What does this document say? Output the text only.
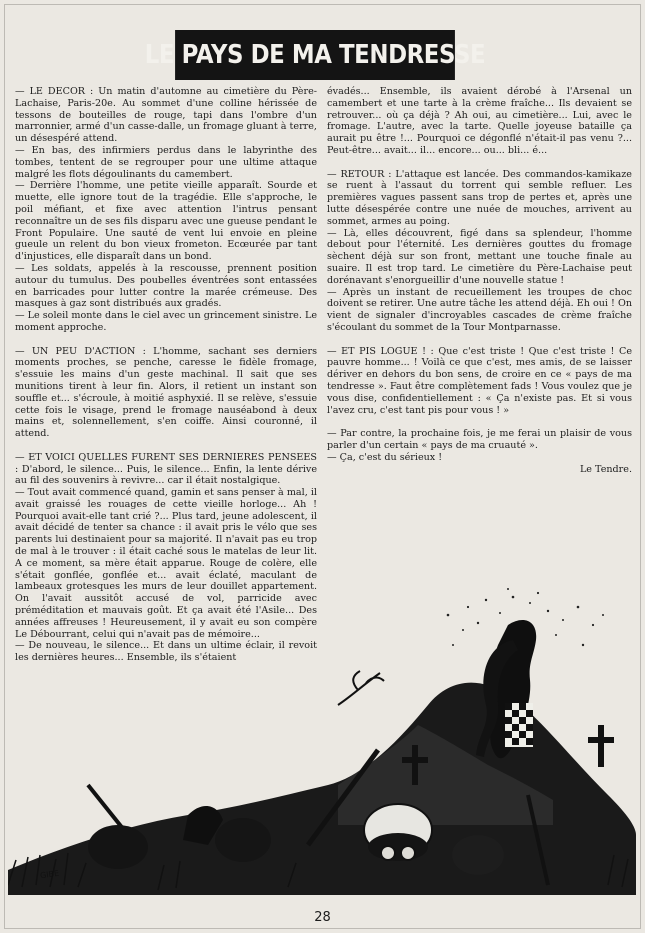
LE PAYS DE MA TENDRESSE

— LE DECOR : Un matin d'automne au cimetière du Père-Lachaise, Paris-20e. Au sommet d'une colline hérissée de tessons de bouteilles de rouge, tapi dans l'ombre d'un marronnier, armé d'un casse-dalle, un fromage gluant à terre, un désespéré attend.

— En bas, des infirmiers perdus dans le labyrinthe des tombes, tentent de se regrouper pour une ultime attaque malgré les flots dégoulinants du camembert.

— Derrière l'homme, une petite vieille apparaît. Sourde et muette, elle ignore tout de la tragédie. Elle s'approche, le poil méfiant, et fixe avec attention l'intrus pensant reconnaître un de ses fils disparu avec une gueuse pendant le Front Populaire. Une sauté de vent lui envoie en pleine gueule un relent du bon vieux frometon. Ecœurée par tant d'injustices, elle disparaît dans un bond.

— Les soldats, appelés à la rescousse, prennent position autour du tumulus. Des poubelles éventrées sont entassées en barricades pour lutter contre la marée crémeuse. Des masques à gaz sont distribués aux gradés.

— Le soleil monte dans le ciel avec un grincement sinistre. Le moment approche.

— UN PEU D'ACTION : L'homme, sachant ses derniers moments proches, se penche, caresse le fidèle fromage, s'essuie les mains d'un geste machinal. Il sait que ses munitions tirent à leur fin. Alors, il retient un instant son souffle et... s'écroule, à moitié asphyxié. Il se relève, s'essuie cette fois le visage, prend le fromage nauséabond à deux mains et, solennellement, s'en coiffe. Ainsi couronné, il attend.

— ET VOICI QUELLES FURENT SES DERNIERES PENSEES : D'abord, le silence... Puis, le silence... Enfin, la lente dérive au fil des souvenirs à revivre... car il était nostalgique.

— Tout avait commencé quand, gamin et sans penser à mal, il avait graissé les rouages de cette vieille horloge... Ah ! Pourquoi avait-elle tant crié ?... Plus tard, jeune adolescent, il avait décidé de tenter sa chance : il avait pris le vélo que ses parents lui destinaient pour sa majorité. Il n'avait pas eu trop de mal à le trouver : il était caché sous le matelas de leur lit. A ce moment, sa mère était apparue. Rouge de colère, elle s'était gonflée, gonflée et... avait éclaté, maculant de lambeaux grotesques les murs de leur douillet appartement. On l'avait aussitôt accusé de vol, parricide avec préméditation et mauvais goût. Et ça avait été l'Asile... Des années affreuses ! Heureusement, il y avait eu son compère Le Débourrant, celui qui n'avait pas de mémoire...

— De nouveau, le silence... Et dans un ultime éclair, il revoit les dernières heures... Ensemble, ils s'étaient

évadés... Ensemble, ils avaient dérobé à l'Arsenal un camembert et une tarte à la crème fraîche... Ils devaient se retrouver... où ça déjà ? Ah oui, au cimetière... Lui, avec le fromage. L'autre, avec la tarte. Quelle joyeuse bataille ça aurait pu être !... Pourquoi ce dégonflé n'était-il pas venu ?... Peut-être... avait... il... encore... ou... bli... é...

— RETOUR : L'attaque est lancée. Des commandos-kamikaze se ruent à l'assaut du torrent qui semble refluer. Les premières vagues passent sans trop de pertes et, après une lutte désespérée contre une nuée de mouches, arrivent au sommet, armes au poing.

— Là, elles découvrent, figé dans sa splendeur, l'homme debout pour l'éternité. Les dernières gouttes du fromage sèchent déjà sur son front, mettant une touche finale au suaire. Il est trop tard. Le cimetière du Père-Lachaise peut dorénavant s'enorgueillir d'une nouvelle statue !

— Après un instant de recueillement les troupes de choc doivent se retirer. Une autre tâche les attend déjà. Eh oui ! On vient de signaler d'incroyables cascades de crème fraîche s'écoulant du sommet de la Tour Montparnasse.

— ET PIS LOGUE ! : Que c'est triste ! Que c'est triste ! Ce pauvre homme... ! Voilà ce que c'est, mes amis, de se laisser dériver en dehors du bon sens, de croire en ce « pays de ma tendresse ». Faut être complètement fads ! Vous voulez que je vous dise, confidentiellement : « Ça n'existe pas. Et si vous l'avez cru, c'est tant pis pour vous ! »

— Par contre, la prochaine fois, je me ferai un plaisir de vous parler d'un certain « pays de ma cruauté ».

— Ça, c'est du sérieux !

Le Tendre.

GIBE
28
